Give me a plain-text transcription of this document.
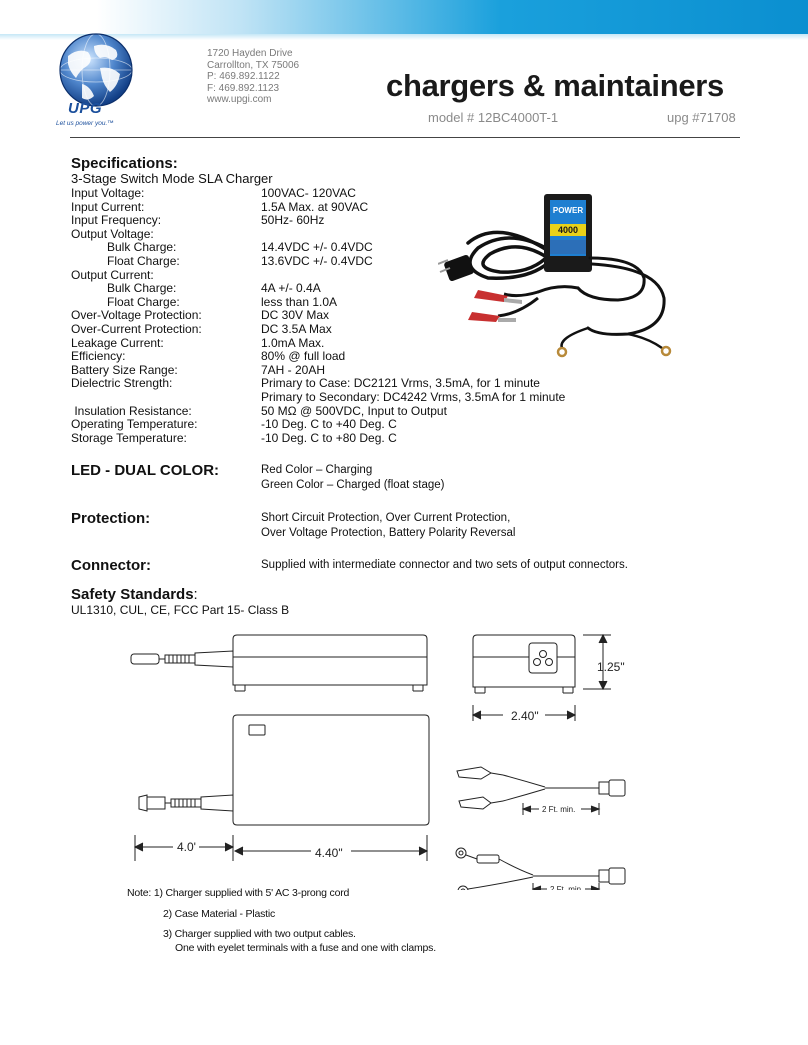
UPG
Let us power you.™
1720 Hayden Drive
Carrollton, TX 75006
P: 469.892.1122
F: 469.892.1123
www.upgi.com	chargers & maintainers
model # 12BC4000T-1	upg #71708
Specifications:
3-Stage Switch Mode SLA Charger
Input Voltage:	100VAC- 120VAC
Input Current:	1.5A Max. at 90VAC
Input Frequency:	50Hz- 60Hz
Output Voltage:
Bulk Charge:	14.4VDC +/- 0.4VDC
Float Charge:	13.6VDC +/- 0.4VDC
Output Current:
Bulk Charge:	4A +/- 0.4A
Float Charge:	less than 1.0A
Over-Voltage Protection:	DC 30V Max
Over-Current Protection:	DC 3.5A Max
Leakage Current:	1.0mA Max.
Efficiency:	80% @ full load
Battery Size Range:	7AH - 20AH
Dielectric Strength:	Primary to Case: DC2121 Vrms, 3.5mA, for 1 minute
Primary to Secondary: DC4242 Vrms, 3.5mA for 1 minute
Insulation Resistance:	50 MΩ @ 500VDC, Input to Output
Operating Temperature:	-10 Deg. C to +40 Deg. C
Storage Temperature:	-10 Deg. C to +80 Deg. C
POWER
4000
LED - DUAL COLOR:	Red Color – Charging
Green Color – Charged (float stage)
Protection:	Short Circuit Protection, Over Current Protection,
Over Voltage Protection, Battery Polarity Reversal
Connector:	Supplied with intermediate connector and two sets of output connectors.
Safety Standards:
UL1310, CUL, CE, FCC Part 15- Class B
1.25"
2.40"
4.0'	4.40"
2 Ft. min.
2 Ft. min.
Note: 1) Charger supplied with 5' AC 3-prong cord
2) Case Material - Plastic
3) Charger supplied with two output cables.
One with eyelet terminals with a fuse and one with clamps.
